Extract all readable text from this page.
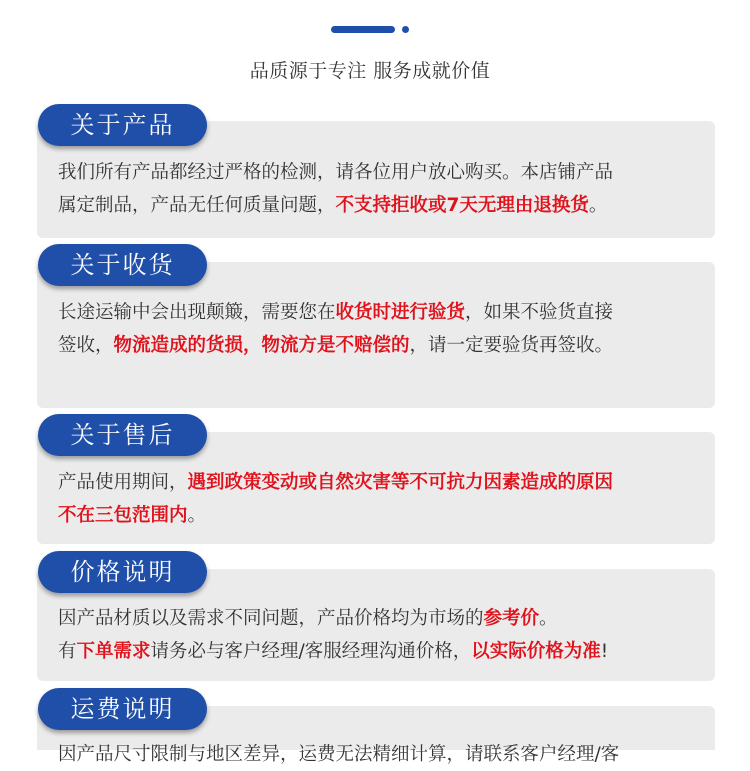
品质源于专注 服务成就价值
关于产品
我们所有产品都经过严格的检测，请各位用户放心购买。本店铺产品
属定制品，产品无任何质量问题，不支持拒收或7天无理由退换货。
关于收货
长途运输中会出现颠簸，需要您在收货时进行验货，如果不验货直接
签收，物流造成的货损，物流方是不赔偿的，请一定要验货再签收。
关于售后
产品使用期间，遇到政策变动或自然灾害等不可抗力因素造成的原因
不在三包范围内。
价格说明
因产品材质以及需求不同问题，产品价格均为市场的参考价。
有下单需求请务必与客户经理/客服经理沟通价格，以实际价格为准!
运费说明
因产品尺寸限制与地区差异，运费无法精细计算，请联系客户经理/客
